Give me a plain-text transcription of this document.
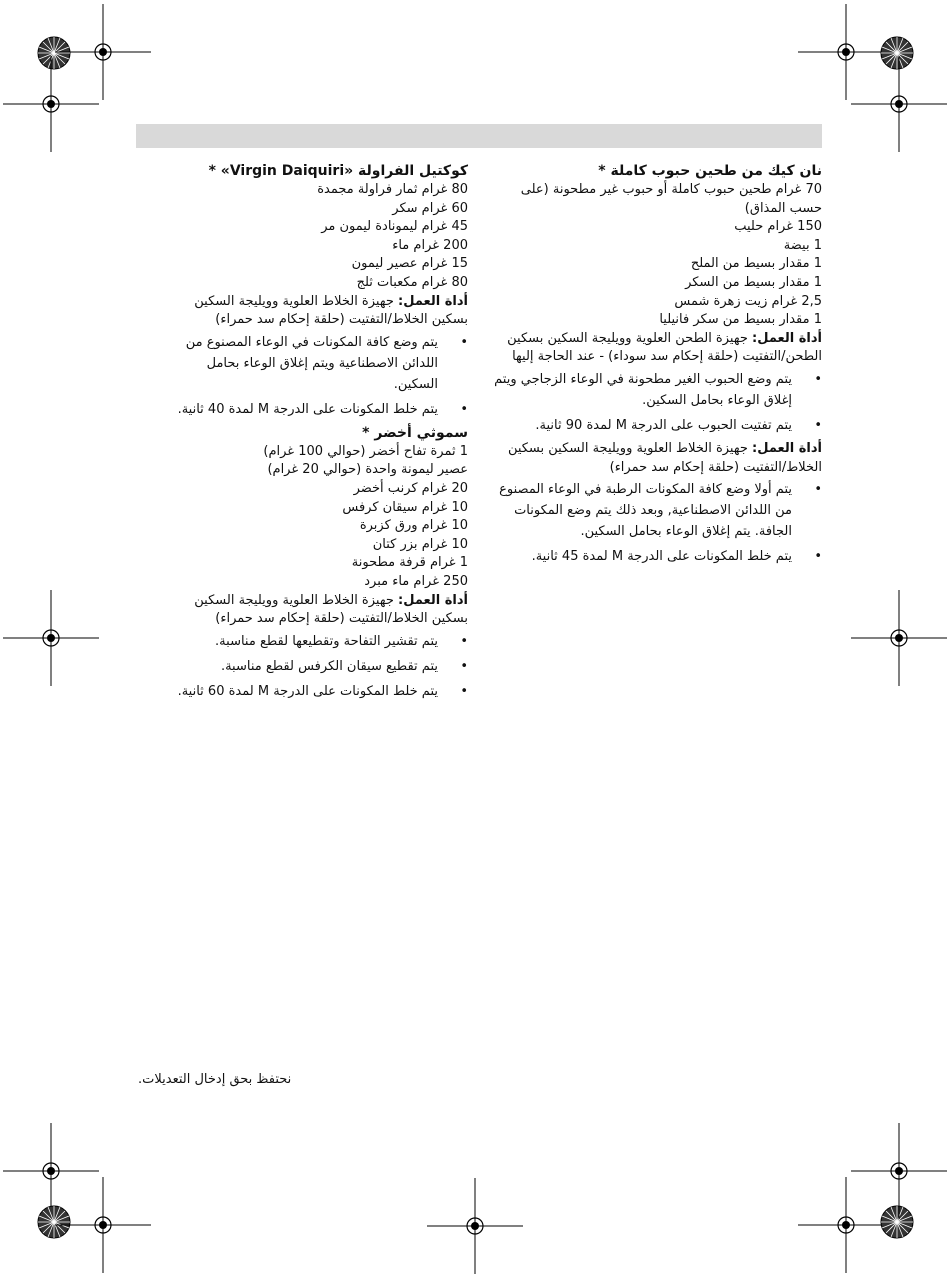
نان كيك من طحين حبوب كاملة *

70 غرام طحين حبوب كاملة أو حبوب غير مطحونة (على حسب المذاق)

150 غرام حليب

1 بيضة

1 مقدار بسيط من الملح

1 مقدار بسيط من السكر

2,5 غرام زيت زهرة شمس

1 مقدار بسيط من سكر فانيليا

أداة العمل: جهيزة الطحن العلوية وويليجة السكين بسكين الطحن/التفتيت (حلقة إحكام سد سوداء) - عند الحاجة إليها

• يتم وضع الحبوب الغير مطحونة في الوعاء الزجاجي ويتم إغلاق الوعاء بحامل السكين.
• يتم تفتيت الحبوب على الدرجة M لمدة 90 ثانية.

أداة العمل: جهيزة الخلاط العلوية وويليجة السكين بسكين الخلاط/التفتيت (حلقة إحكام سد حمراء)

• يتم أولا وضع كافة المكونات الرطبة في الوعاء المصنوع من اللدائن الاصطناعية, وبعد ذلك يتم وضع المكونات الجافة. يتم إغلاق الوعاء بحامل السكين.
• يتم خلط المكونات على الدرجة M لمدة 45 ثانية.
كوكتيل الفراولة «Virgin Daiquiri» *

80 غرام ثمار فراولة مجمدة

60 غرام سكر

45 غرام ليمونادة ليمون مر

200 غرام ماء

15 غرام عصير ليمون

80 غرام مكعبات ثلج

أداة العمل: جهيزة الخلاط العلوية وويليجة السكين بسكين الخلاط/التفتيت (حلقة إحكام سد حمراء)

• يتم وضع كافة المكونات في الوعاء المصنوع من اللدائن الاصطناعية ويتم إغلاق الوعاء بحامل السكين.
• يتم خلط المكونات على الدرجة M لمدة 40 ثانية.
سموثي أخضر *

1 ثمرة تفاح أخضر (حوالي 100 غرام)

عصير ليمونة واحدة (حوالي 20 غرام)

20 غرام كرنب أخضر

10 غرام سيقان كرفس

10 غرام ورق كزبرة

10 غرام بزر كتان

1 غرام قرفة مطحونة

250 غرام ماء مبرد

أداة العمل: جهيزة الخلاط العلوية وويليجة السكين بسكين الخلاط/التفتيت (حلقة إحكام سد حمراء)

• يتم تقشير التفاحة وتقطيعها لقطع مناسبة.
• يتم تقطيع سيقان الكرفس لقطع مناسبة.
• يتم خلط المكونات على الدرجة M لمدة 60 ثانية.
نحتفظ بحق إدخال التعديلات.
